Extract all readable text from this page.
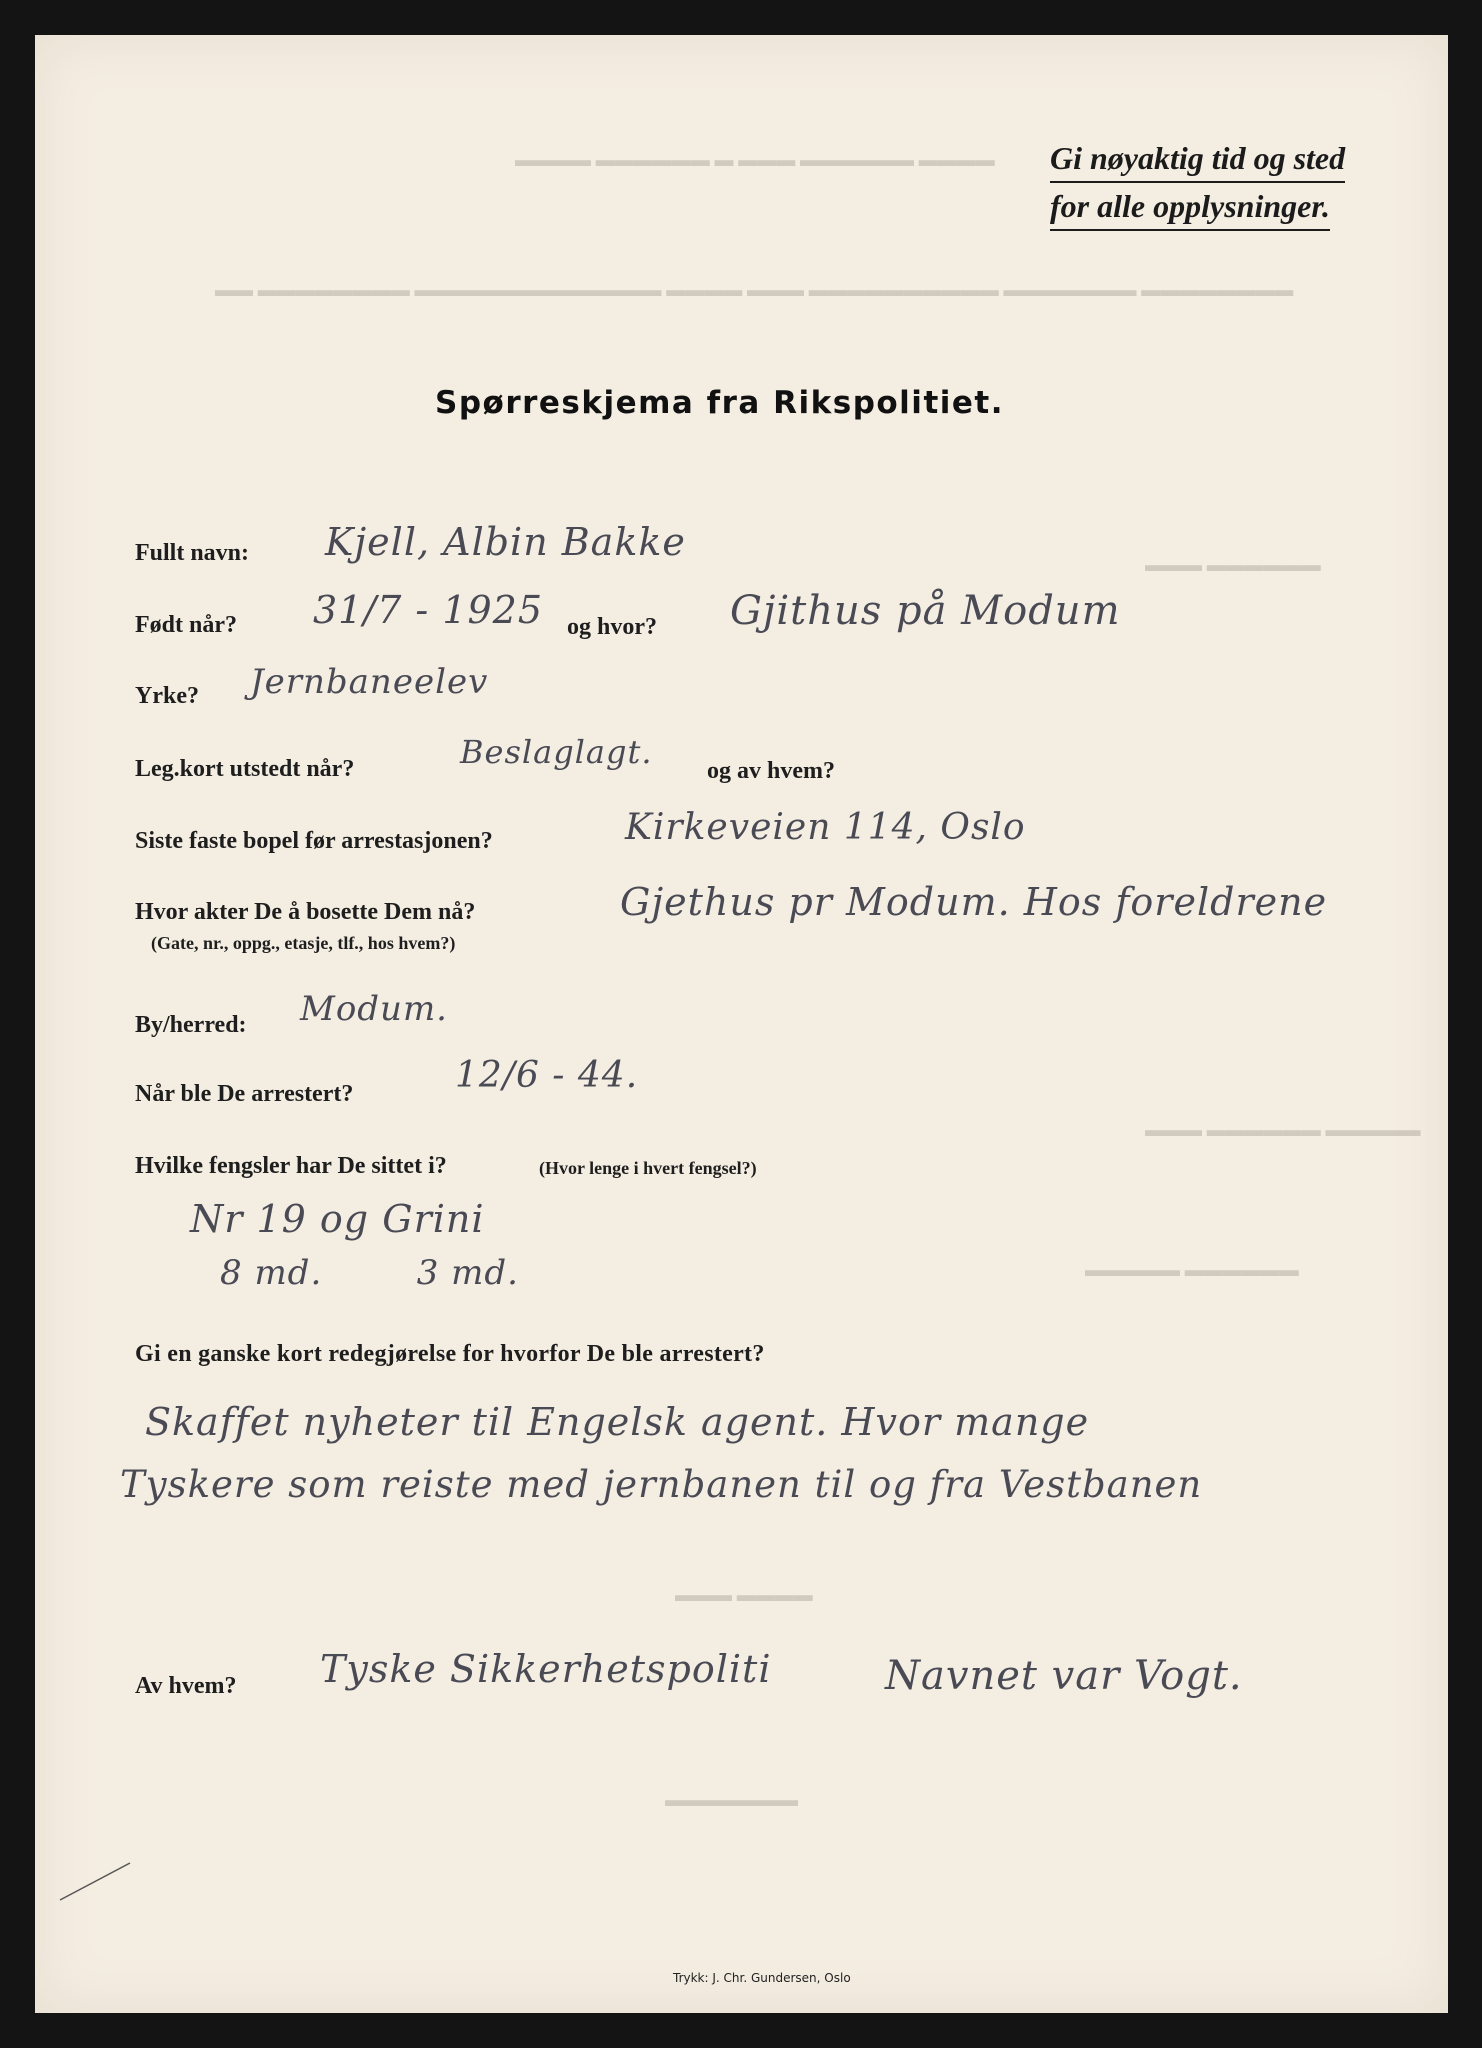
▬▬▬▬ ▬▬▬▬▬▬ ▬ ▬▬▬ ▬▬▬▬▬▬ ▬▬▬▬
▬▬ ▬▬▬▬▬▬▬▬ ▬▬▬▬▬▬▬▬▬▬▬▬▬ ▬▬▬▬ ▬▬▬ ▬▬▬▬▬▬▬▬▬▬ ▬▬▬▬▬▬▬ ▬▬▬▬▬▬▬▬
▬▬▬ ▬▬▬▬▬▬
▬▬▬ ▬▬▬▬▬▬ ▬▬▬▬▬
▬▬▬▬▬ ▬▬▬▬▬▬
▬▬▬ ▬▬▬▬
▬▬▬▬▬▬▬
Gi nøyaktig tid og sted
for alle opplysninger.
Spørreskjema fra Rikspolitiet.
Fullt navn: Kjell, Albin Bakke
Født når? 31/7 - 1925 og hvor? Gjithus på Modum
Yrke? Jernbaneelev
Leg.kort utstedt når?	Beslaglagt. og av hvem?
Siste faste bopel før arrestasjonen?	Kirkeveien 114, Oslo
Hvor akter De å bosette Dem nå?
(Gate, nr., oppg., etasje, tlf., hos hvem?)
Gjethus pr Modum. Hos foreldrene
By/herred: Modum.
Når ble De arrestert?	12/6 - 44.
Hvilke fengsler har De sittet i?	(Hvor lenge i hvert fengsel?)
Nr 19 og Grini
8 md.        3 md.
Gi en ganske kort redegjørelse for hvorfor De ble arrestert?
Skaffet nyheter til Engelsk agent. Hvor mange
Tyskere som reiste med jernbanen til og fra Vestbanen
Av hvem? Tyske Sikkerhetspoliti	Navnet var Vogt.
Trykk: J. Chr. Gundersen, Oslo
